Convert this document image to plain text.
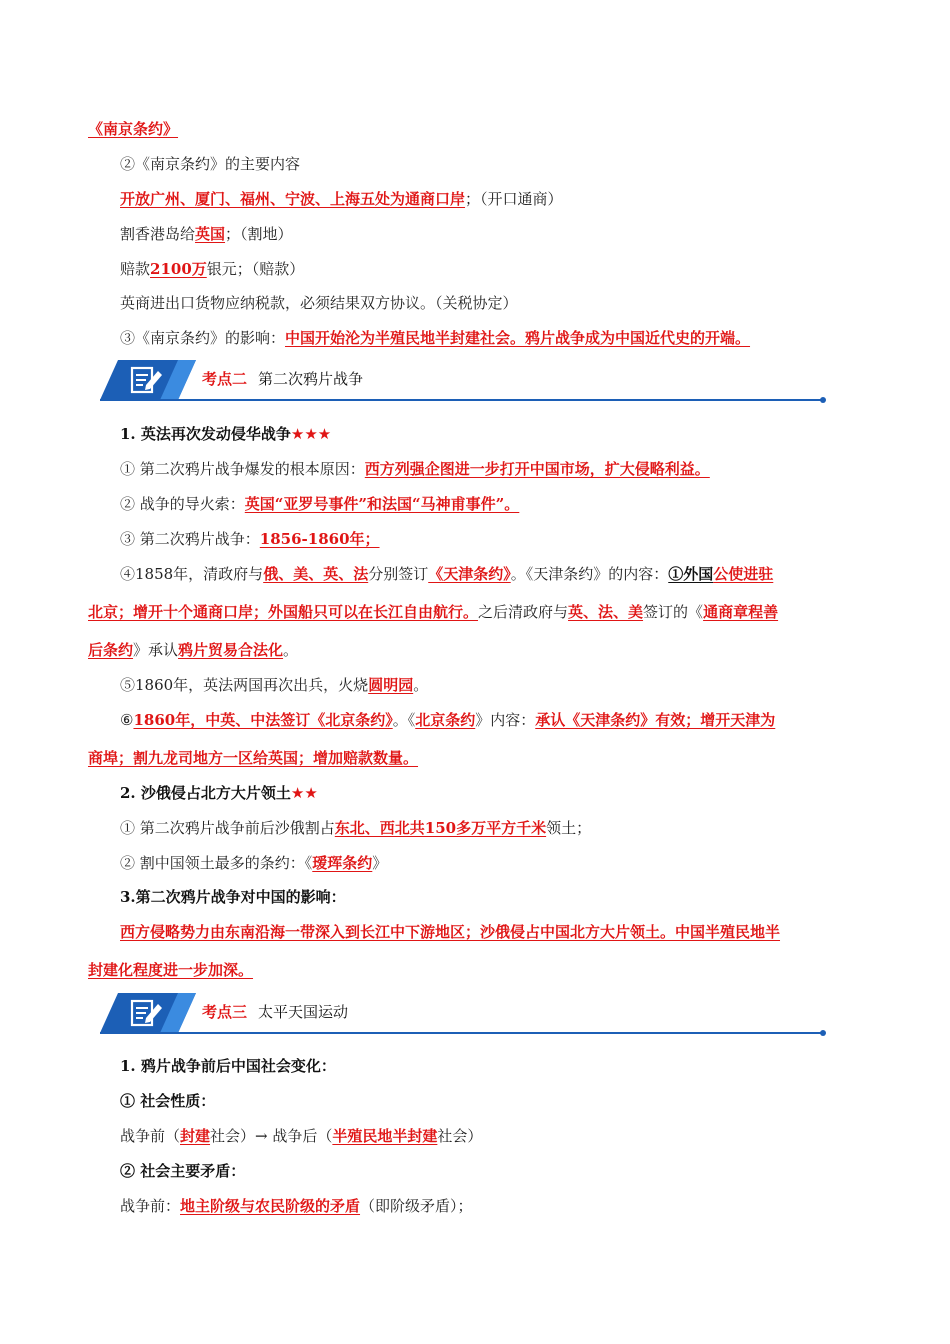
《南京条约》
②《南京条约》的主要内容
开放广州、厦门、福州、宁波、上海五处为通商口岸；（开口通商）
割香港岛给英国；（割地）
赔款2100万银元；（赔款）
英商进出口货物应纳税款，必须结果双方协议。（关税协定）
③《南京条约》的影响：中国开始沦为半殖民地半封建社会。鸦片战争成为中国近代史的开端。
考点二 第二次鸦片战争
1. 英法再次发动侵华战争★★★
① 第二次鸦片战争爆发的根本原因：西方列强企图进一步打开中国市场，扩大侵略利益。
② 战争的导火索：英国“亚罗号事件”和法国“马神甫事件”。
③ 第二次鸦片战争：1856-1860年；
④1858年，清政府与俄、美、英、法分别签订《天津条约》。《天津条约》的内容：①外国公使进驻
北京；增开十个通商口岸；外国船只可以在长江自由航行。之后清政府与英、法、美签订的《通商章程善
后条约》承认鸦片贸易合法化。
⑤1860年，英法两国再次出兵，火烧圆明园。
⑥1860年，中英、中法签订《北京条约》。《北京条约》内容：承认《天津条约》有效；增开天津为
商埠；割九龙司地方一区给英国；增加赔款数量。
2. 沙俄侵占北方大片领土★★
① 第二次鸦片战争前后沙俄割占东北、西北共150多万平方千米领土；
② 割中国领土最多的条约：《瑷珲条约》
3.第二次鸦片战争对中国的影响：
西方侵略势力由东南沿海一带深入到长江中下游地区；沙俄侵占中国北方大片领土。中国半殖民地半
封建化程度进一步加深。
考点三 太平天国运动
1. 鸦片战争前后中国社会变化：
① 社会性质：
战争前（封建社会）→ 战争后（半殖民地半封建社会）
② 社会主要矛盾：
战争前：地主阶级与农民阶级的矛盾（即阶级矛盾）；
